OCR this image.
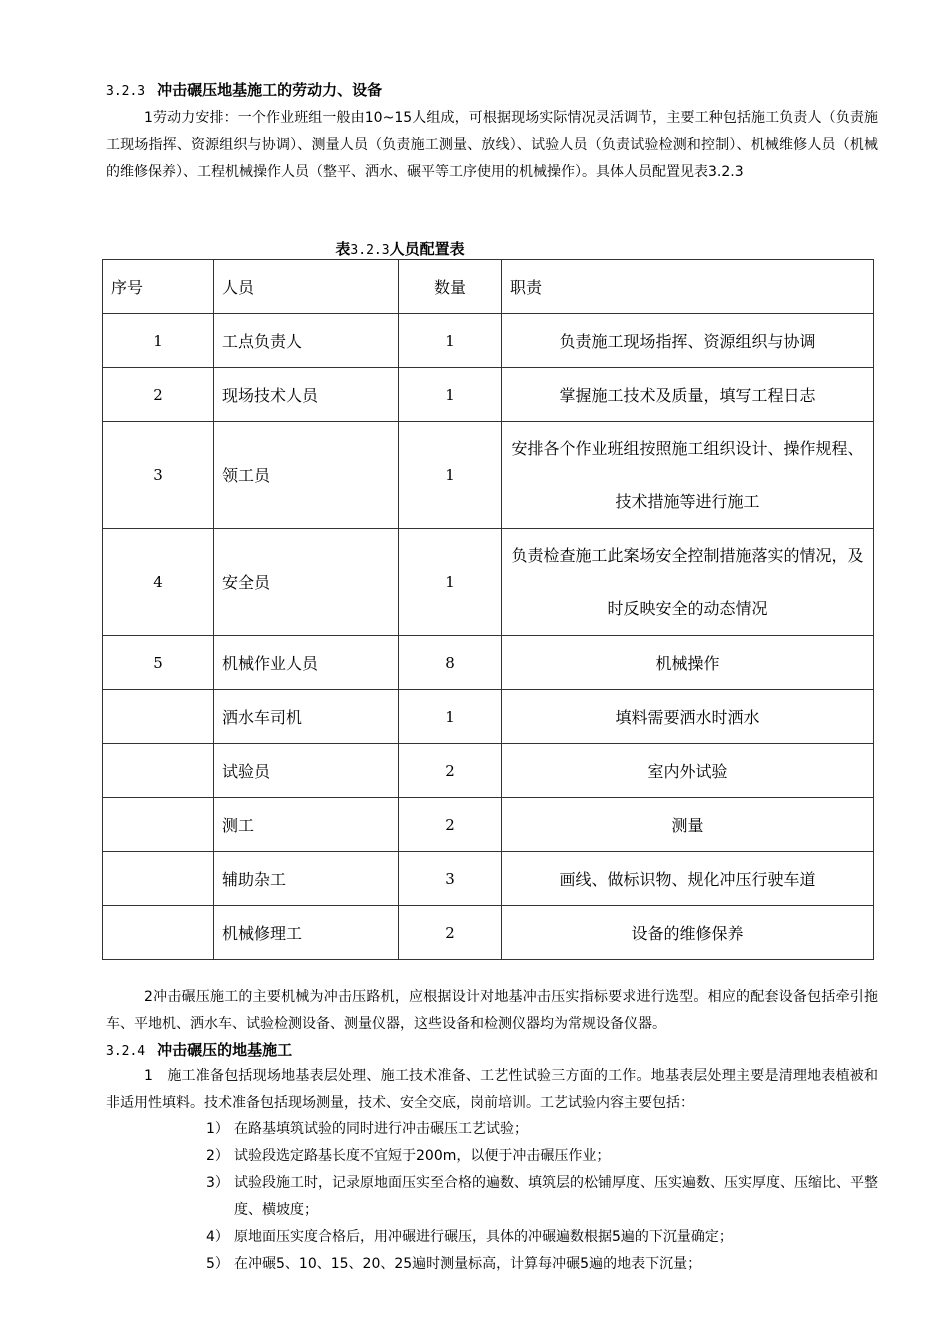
3.2.3 冲击碾压地基施工的劳动力、设备
1劳动力安排：一个作业班组一般由10~15人组成，可根据现场实际情况灵活调节，主要工种包括施工负责人（负责施工现场指挥、资源组织与协调）、测量人员（负责施工测量、放线）、试验人员（负责试验检测和控制）、机械维修人员（机械的维修保养）、工程机械操作人员（整平、洒水、碾平等工序使用的机械操作）。具体人员配置见表3.2.3
表3.2.3人员配置表
序号	人员	数量	职责
1	工点负责人	1	负责施工现场指挥、资源组织与协调
2	现场技术人员	1	掌握施工技术及质量，填写工程日志
3	领工员	1	安排各个作业班组按照施工组织设计、操作规程、技术措施等进行施工
4	安全员	1	负责检查施工此案场安全控制措施落实的情况，及时反映安全的动态情况
5	机械作业人员	8	机械操作
	洒水车司机	1	填料需要洒水时洒水
	试验员	2	室内外试验
	测工	2	测量
	辅助杂工	3	画线、做标识物、规化冲压行驶车道
	机械修理工	2	设备的维修保养
2冲击碾压施工的主要机械为冲击压路机，应根据设计对地基冲击压实指标要求进行选型。相应的配套设备包括牵引拖车、平地机、洒水车、试验检测设备、测量仪器，这些设备和检测仪器均为常规设备仪器。
3.2.4 冲击碾压的地基施工
1　施工准备包括现场地基表层处理、施工技术准备、工艺性试验三方面的工作。地基表层处理主要是清理地表植被和非适用性填料。技术准备包括现场测量，技术、安全交底，岗前培训。工艺试验内容主要包括：
1） 在路基填筑试验的同时进行冲击碾压工艺试验；
2） 试验段选定路基长度不宜短于200m，以便于冲击碾压作业；
3） 试验段施工时，记录原地面压实至合格的遍数、填筑层的松铺厚度、压实遍数、压实厚度、压缩比、平整度、横坡度；
4） 原地面压实度合格后，用冲碾进行碾压，具体的冲碾遍数根据5遍的下沉量确定；
5） 在冲碾5、10、15、20、25遍时测量标高，计算每冲碾5遍的地表下沉量；
